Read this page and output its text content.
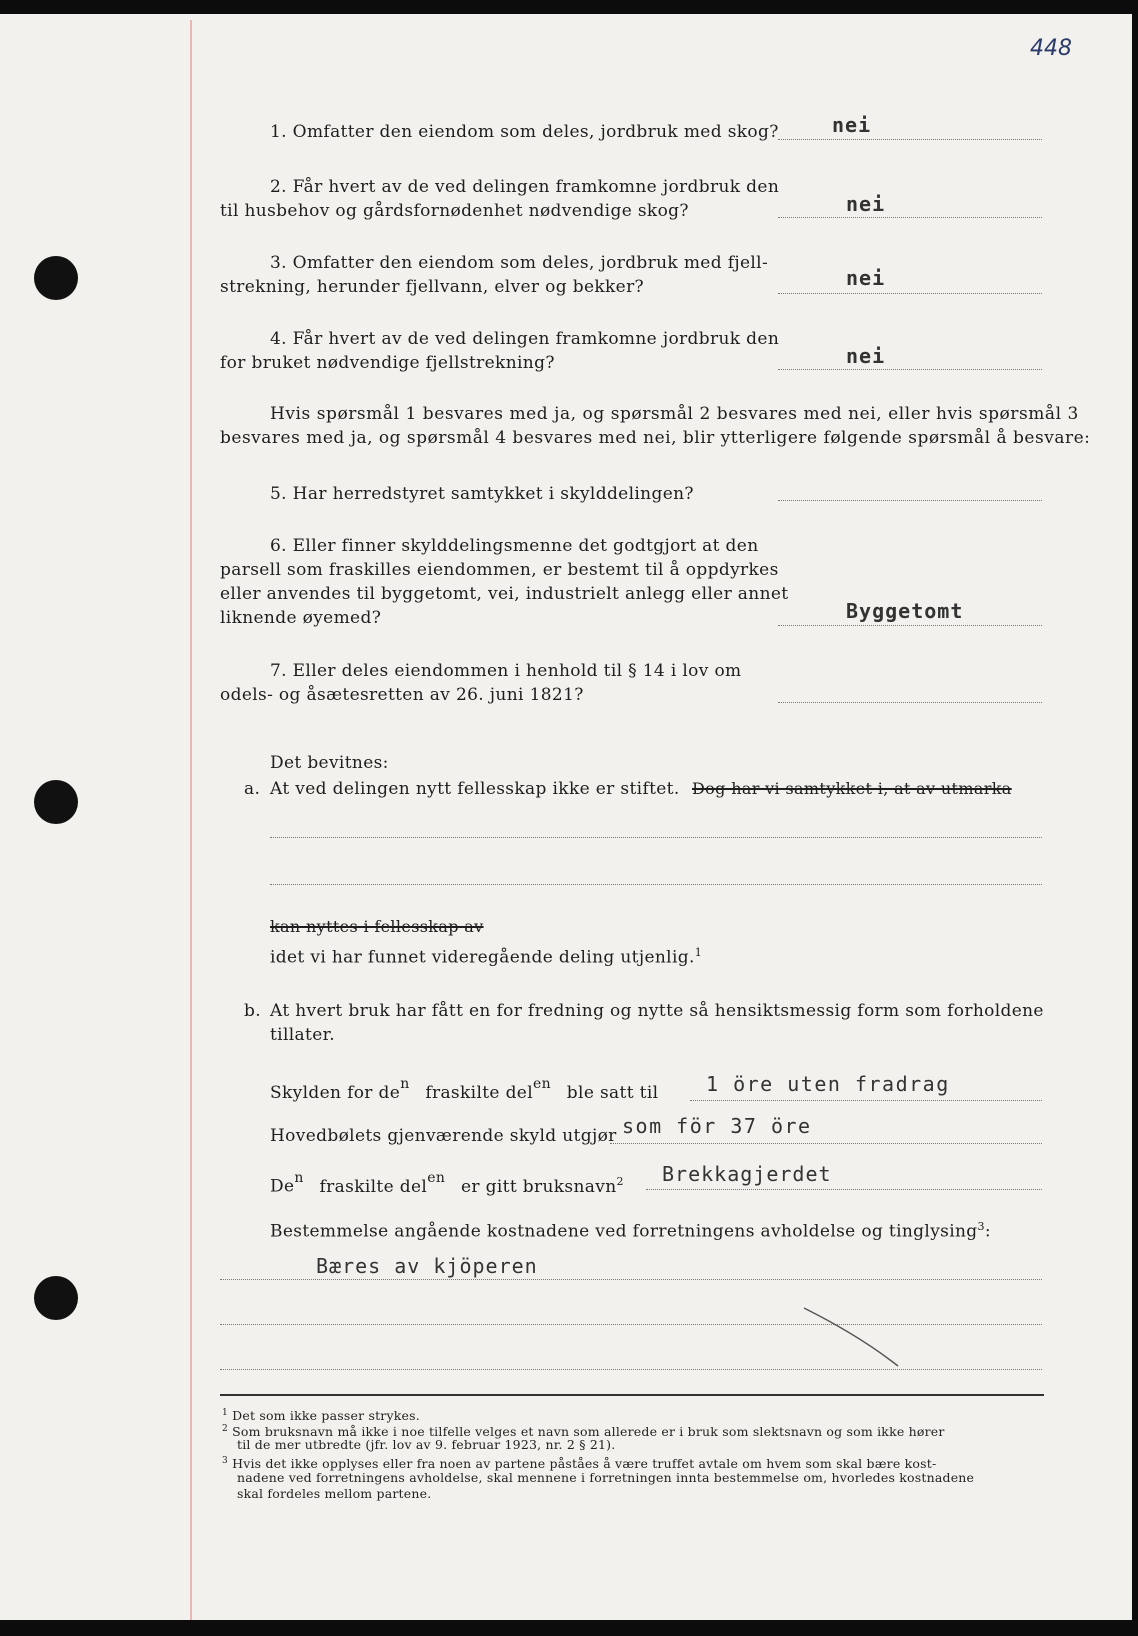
448
1. Omfatter den eiendom som deles, jordbruk med skog?	nei
2. Får hvert av de ved delingen framkomne jordbruk den
til husbehov og gårdsfornødenhet nødvendige skog?	nei
3. Omfatter den eiendom som deles, jordbruk med fjell-
strekning, herunder fjellvann, elver og bekker?	nei
4. Får hvert av de ved delingen framkomne jordbruk den
for bruket nødvendige fjellstrekning?	nei
Hvis spørsmål 1 besvares med ja, og spørsmål 2 besvares med nei, eller hvis spørsmål 3
besvares med ja, og spørsmål 4 besvares med nei, blir ytterligere følgende spørsmål å besvare:
5. Har herredstyret samtykket i skylddelingen?
6. Eller finner skylddelingsmenne det godtgjort at den
parsell som fraskilles eiendommen, er bestemt til å oppdyrkes
eller anvendes til byggetomt, vei, industrielt anlegg eller annet
liknende øyemed?	Byggetomt
7. Eller deles eiendommen i henhold til § 14 i lov om
odels- og åsætesretten av 26. juni 1821?
Det bevitnes:
a. At ved delingen nytt fellesskap ikke er stiftet. Dog har vi samtykket i, at av utmarka
kan nyttes i fellesskap av
idet vi har funnet videregående deling utjenlig.$^1$
b. At hvert bruk har fått en for fredning og nytte så hensiktsmessig form som forholdene
tillater.
Skylden for $de^n$ fraskilte del$^{en}$ ble satt til 1 öre uten fradrag
Hovedbølets gjenværende skyld utgjør som för 37 öre
De$^n$ fraskilte del$^{en}$ er gitt bruksnavn$^2$ Brekkagjerdet
Bestemmelse angående kostnadene ved forretningens avholdelse og tinglysing$^3$:
Bæres av kjöperen
$^1$ Det som ikke passer strykes.
$^2$ Som bruksnavn må ikke i noe tilfelle velges et navn som allerede er i bruk som slektsnavn og som ikke hører
til de mer utbredte (jfr. lov av 9. februar 1923, nr. 2 § 21).
$^3$ Hvis det ikke opplyses eller fra noen av partene påståes å være truffet avtale om hvem som skal bære kost-
nadene ved forretningens avholdelse, skal mennene i forretningen innta bestemmelse om, hvorledes kostnadene
skal fordeles mellom partene.
